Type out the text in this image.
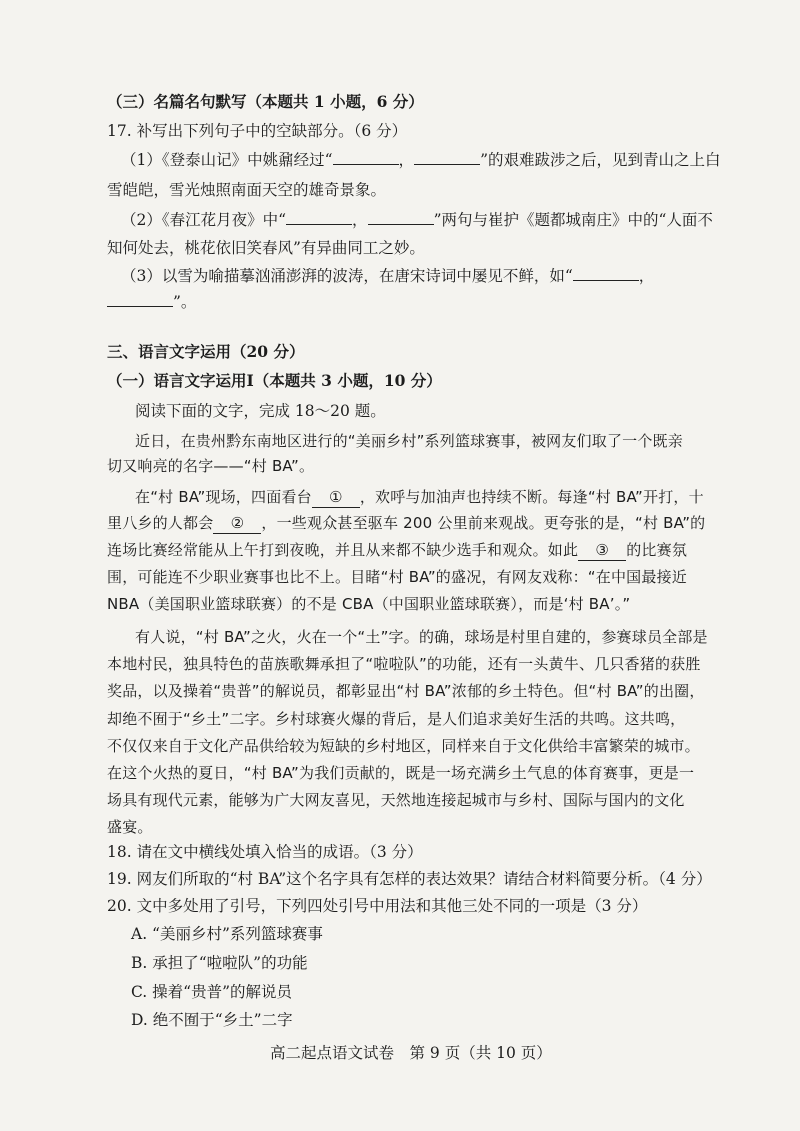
（三）名篇名句默写（本题共 1 小题，6 分）
17. 补写出下列句子中的空缺部分。（6 分）
（1）《登泰山记》中姚鼐经过“	，	”的艰难跋涉之后，见到青山之上白
雪皑皑，雪光烛照南面天空的雄奇景象。
（2）《春江花月夜》中“	，	”两句与崔护《题都城南庄》中的“人面不
知何处去，桃花依旧笑春风”有异曲同工之妙。
（3）以雪为喻描摹汹涌澎湃的波涛，在唐宋诗词中屡见不鲜，如“	，
”。
三、语言文字运用（20 分）
（一）语言文字运用Ⅰ（本题共 3 小题，10 分）
阅读下面的文字，完成 18～20 题。
近日，在贵州黔东南地区进行的“美丽乡村”系列篮球赛事，被网友们取了一个既亲
切又响亮的名字——“村 BA”。
在“村 BA”现场，四面看台 ① ，欢呼与加油声也持续不断。每逢“村 BA”开打，十
里八乡的人都会 ② ，一些观众甚至驱车 200 公里前来观战。更夸张的是，“村 BA”的
连场比赛经常能从上午打到夜晚，并且从来都不缺少选手和观众。如此 ③ 的比赛氛
围，可能连不少职业赛事也比不上。目睹“村 BA”的盛况，有网友戏称：“在中国最接近
NBA（美国职业篮球联赛）的不是 CBA（中国职业篮球联赛），而是‘村 BA’。”
有人说，“村 BA”之火，火在一个“土”字。的确，球场是村里自建的，参赛球员全部是
本地村民，独具特色的苗族歌舞承担了“啦啦队”的功能，还有一头黄牛、几只香猪的获胜
奖品，以及操着“贵普”的解说员，都彰显出“村 BA”浓郁的乡土特色。但“村 BA”的出圈，
却绝不囿于“乡土”二字。乡村球赛火爆的背后，是人们追求美好生活的共鸣。这共鸣，
不仅仅来自于文化产品供给较为短缺的乡村地区，同样来自于文化供给丰富繁荣的城市。
在这个火热的夏日，“村 BA”为我们贡献的，既是一场充满乡土气息的体育赛事，更是一
场具有现代元素，能够为广大网友喜见，天然地连接起城市与乡村、国际与国内的文化
盛宴。
18. 请在文中横线处填入恰当的成语。（3 分）
19. 网友们所取的“村 BA”这个名字具有怎样的表达效果？请结合材料简要分析。（4 分）
20. 文中多处用了引号，下列四处引号中用法和其他三处不同的一项是（3 分）
A. “美丽乡村”系列篮球赛事
B. 承担了“啦啦队”的功能
C. 操着“贵普”的解说员
D. 绝不囿于“乡土”二字
高二起点语文试卷　第 9 页（共 10 页）
